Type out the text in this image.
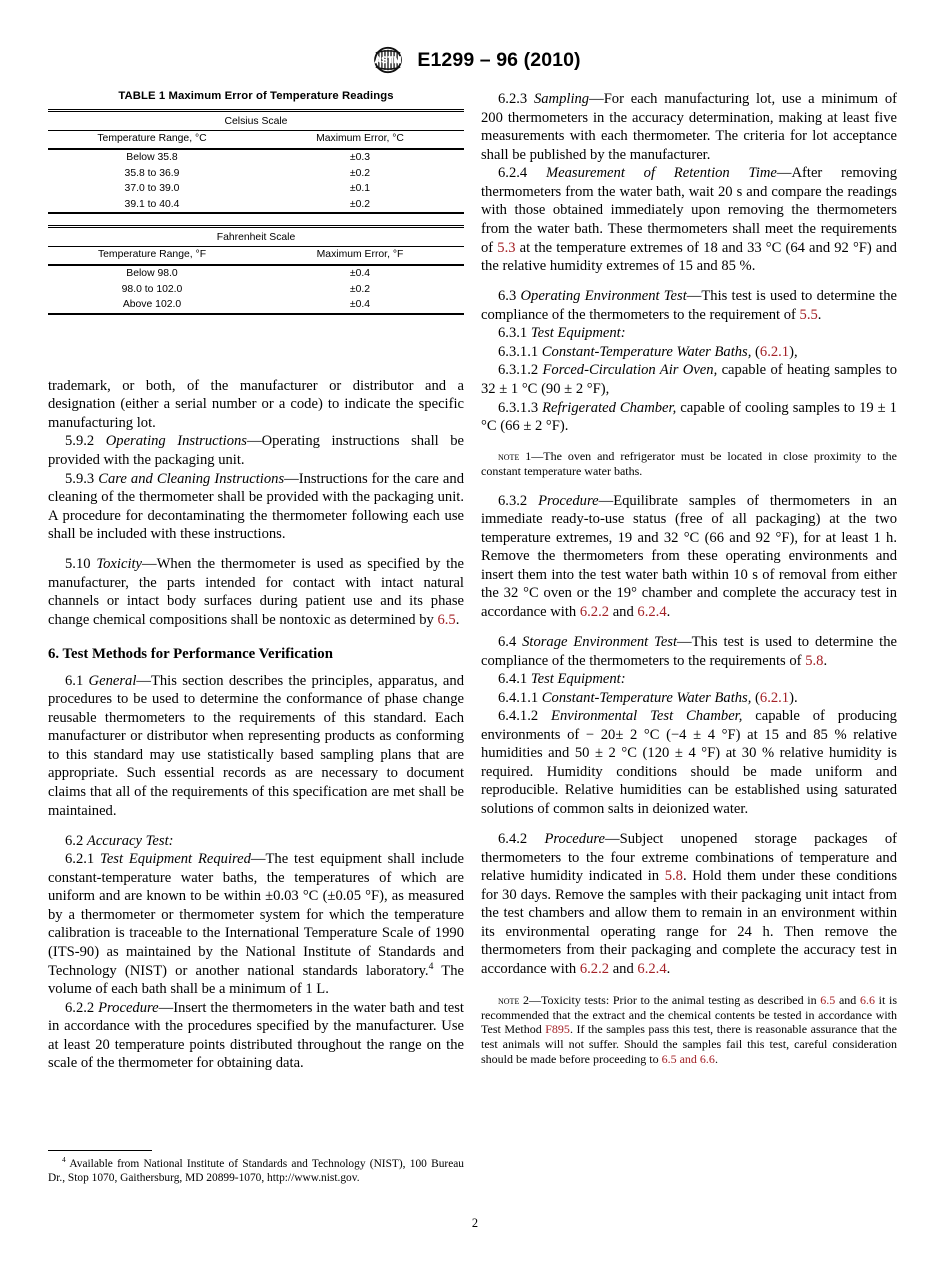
ASTM E1299 – 96 (2010)
TABLE 1 Maximum Error of Temperature Readings
Celsius Scale	
Temperature Range, °C	Maximum Error, °C
Below 35.8	±0.3
35.8 to 36.9	±0.2
37.0 to 39.0	±0.1
39.1 to 40.4	±0.2

Fahrenheit Scale	
Temperature Range, °F	Maximum Error, °F
Below 98.0	±0.4
98.0 to 102.0	±0.2
Above 102.0	±0.4

trademark, or both, of the manufacturer or distributor and a designation (either a serial number or a code) to indicate the specific manufacturing lot.

5.9.2 Operating Instructions—Operating instructions shall be provided with the packaging unit.

5.9.3 Care and Cleaning Instructions—Instructions for the care and cleaning of the thermometer shall be provided with the packaging unit. A procedure for decontaminating the thermometer following each use shall be included with these instructions.

5.10 Toxicity—When the thermometer is used as specified by the manufacturer, the parts intended for contact with intact natural channels or intact body surfaces during patient use and its phase change chemical compositions shall be nontoxic as determined by 6.5.

6. Test Methods for Performance Verification

6.1 General—This section describes the principles, apparatus, and procedures to be used to determine the conformance of phase change reusable thermometers to the requirements of this standard. Each manufacturer or distributor when representing products as conforming to this standard may use statistically based sampling plans that are appropriate. Such essential records as are necessary to document claims that all of the requirements of this specification are met shall be maintained.

6.2 Accuracy Test:

6.2.1 Test Equipment Required—The test equipment shall include constant-temperature water baths, the temperatures of which are uniform and are known to be within ±0.03 °C (±0.05 °F), as measured by a thermometer or thermometer system for which the temperature calibration is traceable to the International Temperature Scale of 1990 (ITS-90) as maintained by the National Institute of Standards and Technology (NIST) or another national standards laboratory.$^4$ The volume of each bath shall be a minimum of 1 L.

6.2.2 Procedure—Insert the thermometers in the water bath and test in accordance with the procedures specified by the manufacturer. Use at least 20 temperature points distributed throughout the range on the scale of the thermometer for obtaining data.

6.2.3 Sampling—For each manufacturing lot, use a minimum of 200 thermometers in the accuracy determination, making at least five measurements with each thermometer. The criteria for lot acceptance shall be published by the manufacturer.

6.2.4 Measurement of Retention Time—After removing thermometers from the water bath, wait 20 s and compare the readings with those obtained immediately upon removing the thermometers from the water bath. These thermometers shall meet the requirements of 5.3 at the temperature extremes of 18 and 33 °C (64 and 92 °F) and the relative humidity extremes of 15 and 85 %.

6.3 Operating Environment Test—This test is used to determine the compliance of the thermometers to the requirement of 5.5.

6.3.1 Test Equipment:

6.3.1.1 Constant-Temperature Water Baths, (6.2.1),

6.3.1.2 Forced-Circulation Air Oven, capable of heating samples to 32 ± 1 °C (90 ± 2 °F),

6.3.1.3 Refrigerated Chamber, capable of cooling samples to 19 ± 1 °C (66 ± 2 °F).

note 1—The oven and refrigerator must be located in close proximity to the constant temperature water baths.

6.3.2 Procedure—Equilibrate samples of thermometers in an immediate ready-to-use status (free of all packaging) at the two temperature extremes, 19 and 32 °C (66 and 92 °F), for at least 1 h. Remove the thermometers from these operating environments and insert them into the test water bath within 10 s of removal from either the 32 °C oven or the 19° chamber and complete the accuracy test in accordance with 6.2.2 and 6.2.4.

6.4 Storage Environment Test—This test is used to determine the compliance of the thermometers to the requirements of 5.8.

6.4.1 Test Equipment:

6.4.1.1 Constant-Temperature Water Baths, (6.2.1).

6.4.1.2 Environmental Test Chamber, capable of producing environments of − 20± 2 °C (−4 ± 4 °F) at 15 and 85 % relative humidities and 50 ± 2 °C (120 ± 4 °F) at 30 % relative humidity is required. Humidity conditions should be made uniform and reproducible. Relative humidities can be established using saturated solutions of common salts in deionized water.

6.4.2 Procedure—Subject unopened storage packages of thermometers to the four extreme combinations of temperature and relative humidity indicated in 5.8. Hold them under these conditions for 30 days. Remove the samples with their packaging unit intact from the test chambers and allow them to remain in an environment within its environmental operating range for 24 h. Then remove the thermometers from their packaging and complete the accuracy test in accordance with 6.2.2 and 6.2.4.

note 2—Toxicity tests: Prior to the animal testing as described in 6.5 and 6.6 it is recommended that the extract and the chemical contents be tested in accordance with Test Method F895. If the samples pass this test, there is reasonable assurance that the test animals will not suffer. Should the samples fail this test, careful consideration should be made before proceeding to 6.5 and 6.6.

$^4$ Available from National Institute of Standards and Technology (NIST), 100 Bureau Dr., Stop 1070, Gaithersburg, MD 20899-1070, http://www.nist.gov.

2
